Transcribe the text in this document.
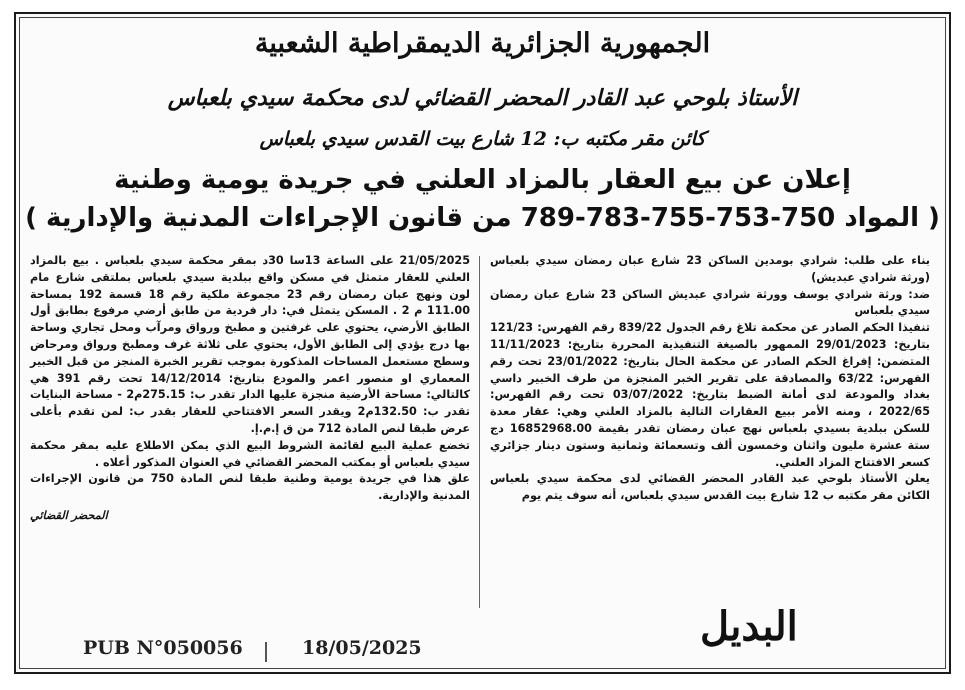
الجمهورية الجزائرية الديمقراطية الشعبية
الأستاذ بلوحي عبد القادر المحضر القضائي لدى محكمة سيدي بلعباس
كائن مقر مكتبه ب: 12 شارع بيت القدس سيدي بلعباس
إعلان عن بيع العقار بالمزاد العلني في جريدة يومية وطنية
( المواد 750-753-755-783-789 من قانون الإجراءات المدنية والإدارية )

بناء على طلب: شرادي بومدين الساكن 23 شارع عبان رمضان سيدي بلعباس (ورثة شرادي عبديش)

ضد: ورثة شرادي يوسف وورثة شرادي عبديش الساكن 23 شارع عبان رمضان سيدي بلعباس

تنفيذا الحكم الصادر عن محكمة تلاغ رقم الجدول 839/22 رقم الفهرس: 121/23 بتاريخ: 29/01/2023 الممهور بالصيغة التنفيذية المحررة بتاريخ: 11/11/2023 المتضمن: إفراغ الحكم الصادر عن محكمة الحال بتاريخ: 23/01/2022 تحت رقم الفهرس: 63/22 والمصادقة على تقرير الخبر المنجزة من طرف الخبير داسي بغداد والمودعة لدى أمانة الضبط بتاريخ: 03/07/2022 تحت رقم الفهرس: 2022/65 ، ومنه الأمر ببيع العقارات التالية بالمزاد العلني وهي: عقار معدة للسكن ببلدية بسيدي بلعباس نهج عبان رمضان تقدر بقيمة 16852968.00 دج ستة عشرة مليون واثنان وخمسون ألف وتسعمائة وثمانية وستون دينار جزائري كسعر الافتتاح المزاد العلني.

يعلن الأستاذ بلوحي عبد القادر المحضر القضائي لدى محكمة سيدي بلعباس الكائن مقر مكتبه ب 12 شارع بيت القدس سيدي بلعباس، أنه سوف يتم يوم

21/05/2025 على الساعة 13سا 30د بمقر محكمة سيدي بلعباس . بيع بالمزاد العلني للعقار متمثل في مسكن واقع ببلدية سيدي بلعباس بملتقى شارع مام لون ونهج عبان رمضان رقم 23 مجموعة ملكية رقم 18 قسمة 192 بمساحة 111.00 م 2 . المسكن يتمثل في: دار فردية من طابق أرضي مرفوع بطابق أول الطابق الأرضي، يحتوي على غرفتين و مطبخ ورواق ومرآب ومحل تجاري وساحة بها درج يؤدي إلى الطابق الأول، يحتوي على ثلاثة غرف ومطبخ ورواق ومرحاض وسطح مستعمل المساحات المذكورة بموجب تقرير الخبرة المنجز من قبل الخبير المعماري او منصور اعمر والمودع بتاريخ: 14/12/2014 تحت رقم 391 هي كالتالي: مساحة الأرضية منجزة عليها الدار تقدر ب: 275.15م2 - مساحة البنايات تقدر ب: 132.50م2 ويقدر السعر الافتتاحي للعقار بقدر ب: لمن تقدم بأعلى عرض طبقا لنص المادة 712 من ق إ.م.إ.

تخضع عملية البيع لقائمة الشروط البيع الذي يمكن الاطلاع عليه بمقر محكمة سيدي بلعباس أو بمكتب المحضر القضائي في العنوان المذكور أعلاه .

علق هذا في جريدة يومية وطنية طبقا لنص المادة 750 من قانون الإجراءات المدنية والإدارية.

المحضر القضائي
البديل
PUB N°050056	18/05/2025
